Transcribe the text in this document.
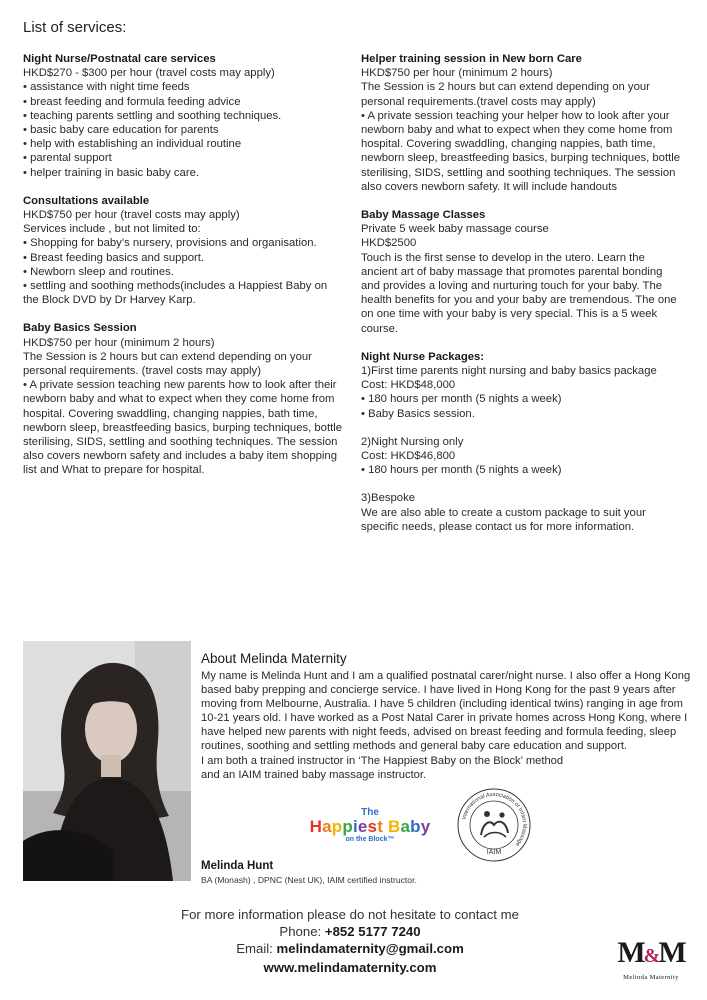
List of services:
Night Nurse/Postnatal care services
HKD$270 - $300 per hour (travel costs may apply)
• assistance with night time feeds
• breast feeding and formula feeding advice
• teaching parents settling and soothing techniques.
• basic baby care education for parents
• help with establishing an individual routine
• parental support
• helper training in basic baby care.
Consultations available
HKD$750 per hour (travel costs may apply)
Services include , but not limited to:
• Shopping for baby’s nursery, provisions and organisation.
• Breast feeding basics and support.
• Newborn sleep and routines.
• settling and soothing methods(includes a Happiest Baby on the Block DVD by Dr Harvey Karp.
Baby Basics Session
HKD$750 per hour (minimum 2 hours)
The Session is 2 hours but can extend depending on your personal requirements. (travel costs may apply)
• A private session teaching new parents how to look after their newborn baby and what to expect when they come home from hospital. Covering swaddling, changing nappies, bath time, newborn sleep, breastfeeding basics, burping techniques, bottle sterilising, SIDS, settling and soothing techniques. The session also covers newborn safety and includes a baby item shopping list and What to prepare for hospital.
Helper training session in New born Care
HKD$750 per hour (minimum 2 hours)
The Session is 2 hours but can extend depending on your personal requirements.(travel costs may apply)
• A private session teaching your helper how to look after your newborn baby and what to expect when they come home from hospital. Covering swaddling, changing nappies, bath time, newborn sleep, breastfeeding basics, burping techniques, bottle sterilising, SIDS, settling and soothing techniques. The session also covers newborn safety. It will include handouts
Baby Massage Classes
Private 5 week baby massage course
HKD$2500
Touch is the first sense to develop in the utero. Learn the ancient art of baby massage that promotes parental bonding and provides a loving and nurturing touch for your baby. The health benefits for you and your baby are tremendous. The one on one time with your baby is very special. This is a 5 week course.
Night Nurse Packages:
1)First time parents night nursing and baby basics package
Cost: HKD$48,000
• 180 hours per month (5 nights a week)
• Baby Basics session.
2)Night Nursing only
Cost: HKD$46,800
• 180 hours per month (5 nights a week)
3)Bespoke
We are also able to create a custom package to suit your specific needs, please contact us for more information.
About Melinda Maternity

My name is Melinda Hunt and I am a qualified postnatal carer/night nurse. I also offer a Hong Kong based baby prepping and concierge service. I have lived in Hong Kong for the past 9 years after moving from Melbourne, Australia. I have 5 children (including identical twins) ranging in age from 10-21 years old. I have worked as a Post Natal Carer in private homes across Hong Kong, where I have helped new parents with night feeds, advised on breast feeding and formula feeding, sleep routines, soothing and settling methods and general baby care education and support.

I am both a trained instructor in ‘The Happiest Baby on the Block’ method

and an IAIM trained baby massage instructor.

The
Happiest Baby
on the Block™
International Association of Infant Massage
IAIM
Melinda Hunt
BA (Monash) , DPNC (Nest UK), IAIM certified instructor.
For more information please do not hesitate to contact me
Phone: +852 5177 7240
Email: melindamaternity@gmail.com
www.melindamaternity.com	M&M
Melinda Maternity
